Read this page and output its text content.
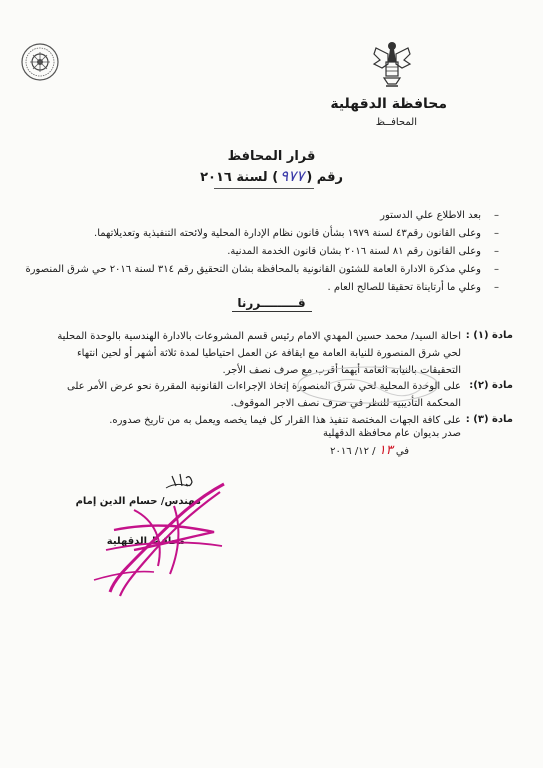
محافظة الدقهلية
المحافــظ
قرار المحافظ
رقم (٩٧٧) لسنة ٢٠١٦
–
بعد الاطلاع علي الدستور
–
وعلى القانون رقم٤٣ لسنة ١٩٧٩ بشأن قانون نظام الإدارة المحلية ولائحته التنفيذية وتعديلاتهما.
–
وعلى القانون رقم ٨١ لسنة ٢٠١٦ بشان قانون الخدمة المدنية.
–
وعلي مذكرة الادارة العامة للشئون القانونية بالمحافظة بشان التحقيق رقم ٣١٤ لسنة ٢٠١٦ حي شرق المنصورة
–
وعلي ما أرتايناة تحقيقا للصالح العام .
قـــــــــررنا
مادة (١) :
احالة السيد/ محمد حسين المهدي الامام رئيس قسم المشروعات بالادارة الهندسية بالوحدة المحلية لحي شرق المنصورة للنيابة العامة مع ايقافة عن العمل احتياطيا لمدة ثلاثة أشهر أو لحين انتهاء التحقيقات بالنيابة العامة أيهما أقرب مع صرف نصف الأجر.
مادة (٢):
على الوحدة المحلية لحي شرق المنصورة إتخاذ الإجراءات القانونية المقررة نحو عرض الأمر على المحكمة التأديبية للنظر في صرف نصف الاجر الموقوف.
مادة (٣) :
على كافة الجهات المختصة تنفيذ هذا القرار كل فيما يخصه ويعمل به من تاريخ صدوره.
صدر بديوان عام محافظة الدقهلية
في ١٣ / ١٢/ ٢٠١٦
مهندس/ حسام الدين إمام
محافظ الدقهلية
